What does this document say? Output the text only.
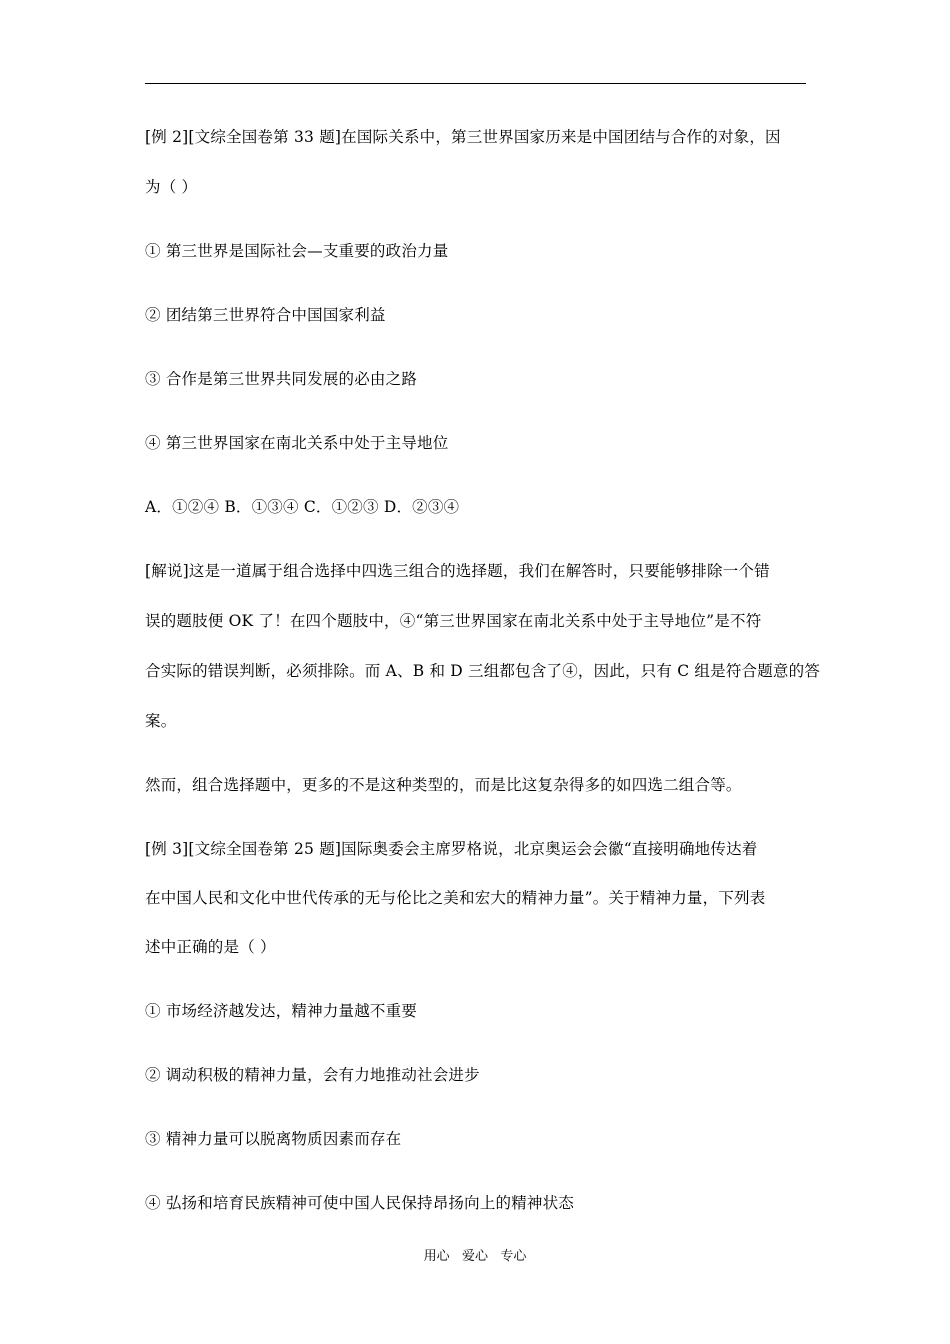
[例 2][文综全国卷第 33 题]在国际关系中，第三世界国家历来是中国团结与合作的对象，因
为（ ）
① 第三世界是国际社会—支重要的政治力量
② 团结第三世界符合中国国家利益
③ 合作是第三世界共同发展的必由之路
④ 第三世界国家在南北关系中处于主导地位
A．①②④ B．①③④ C．①②③ D．②③④
[解说]这是一道属于组合选择中四选三组合的选择题，我们在解答时，只要能够排除一个错
误的题肢便 OK 了！在四个题肢中，④“第三世界国家在南北关系中处于主导地位”是不符
合实际的错误判断，必须排除。而 A、B 和 D 三组都包含了④，因此，只有 C 组是符合题意的答
案。
然而，组合选择题中，更多的不是这种类型的，而是比这复杂得多的如四选二组合等。
[例 3][文综全国卷第 25 题]国际奥委会主席罗格说，北京奥运会会徽“直接明确地传达着
在中国人民和文化中世代传承的无与伦比之美和宏大的精神力量”。关于精神力量，下列表
述中正确的是（ ）
① 市场经济越发达，精神力量越不重要
② 调动积极的精神力量，会有力地推动社会进步
③ 精神力量可以脱离物质因素而存在
④ 弘扬和培育民族精神可使中国人民保持昂扬向上的精神状态
用心   爱心   专心
